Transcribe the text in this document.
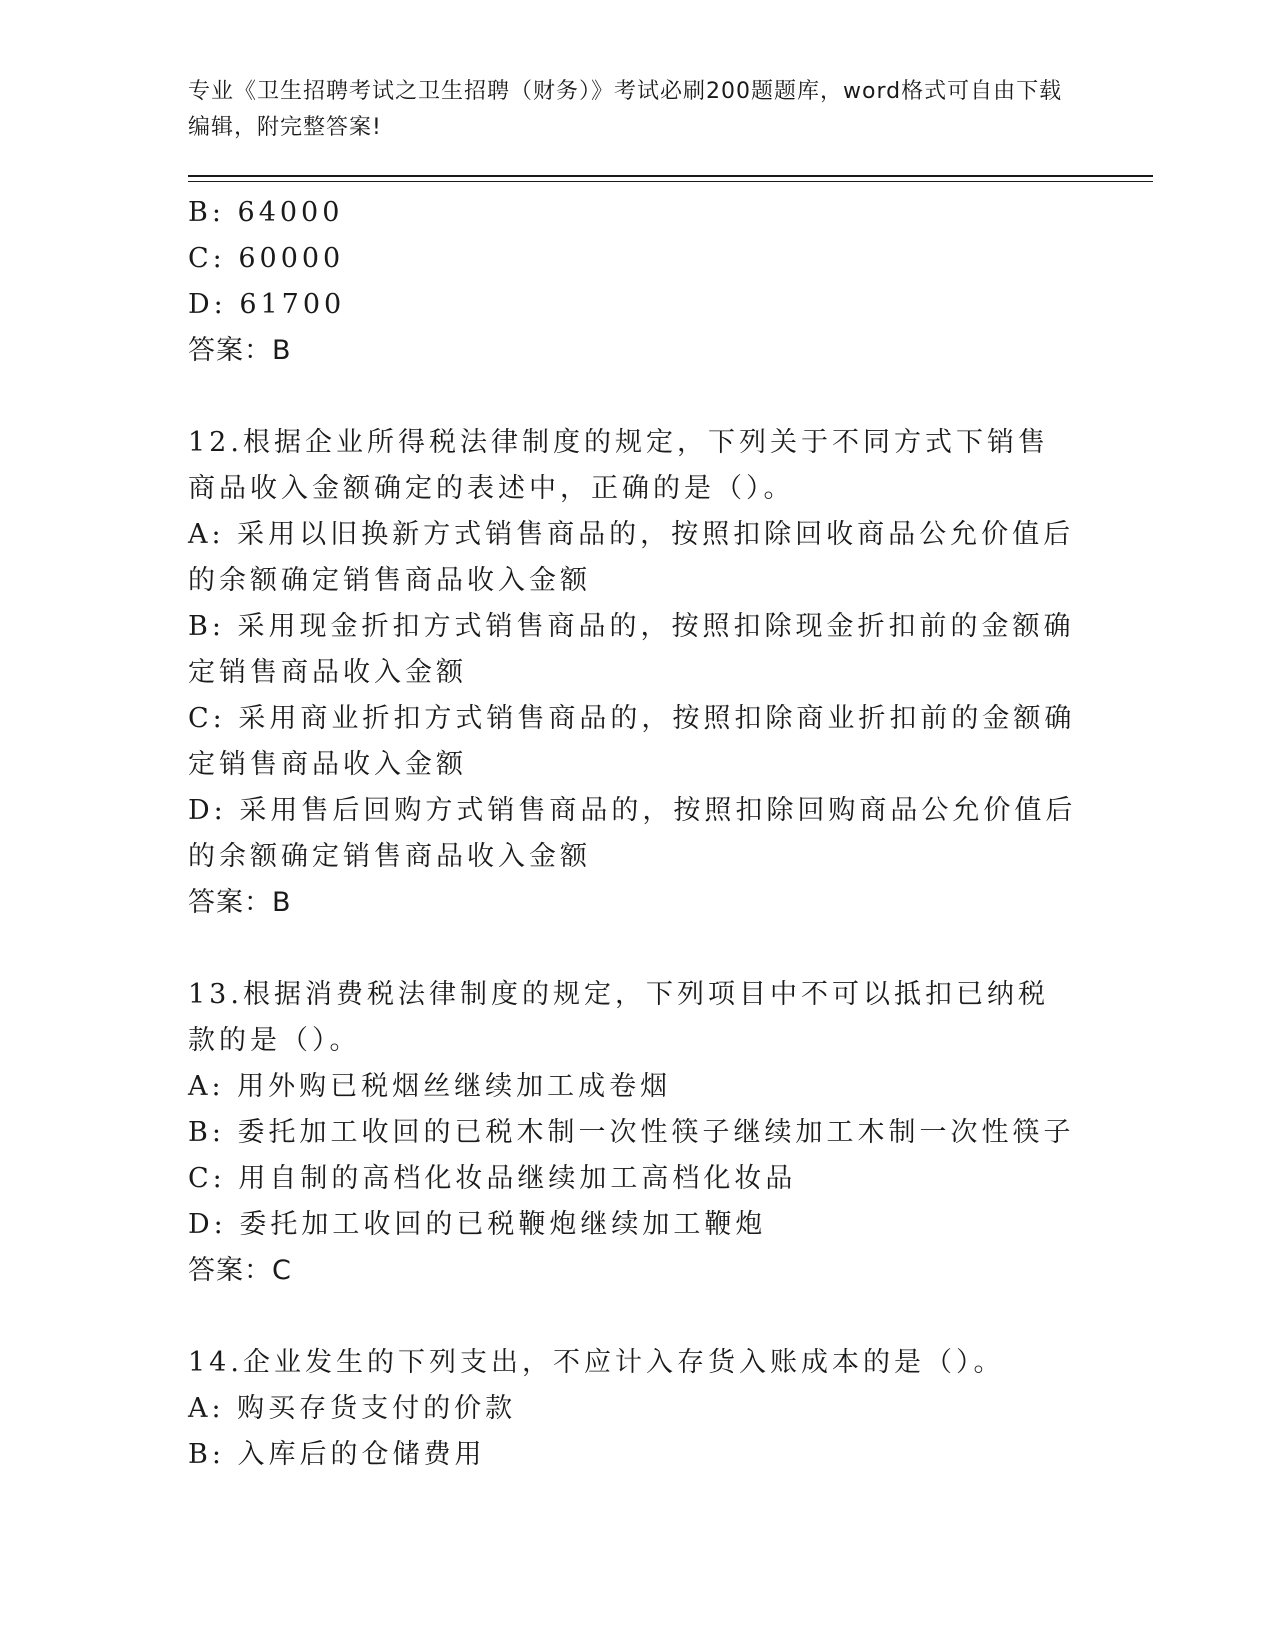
专业《卫生招聘考试之卫生招聘（财务）》考试必刷200题题库，word格式可自由下载编辑，附完整答案!
B: 64000
C: 60000
D: 61700
答案：B
12.根据企业所得税法律制度的规定，下列关于不同方式下销售商品收入金额确定的表述中，正确的是（）。
A: 采用以旧换新方式销售商品的，按照扣除回收商品公允价值后的余额确定销售商品收入金额
B: 采用现金折扣方式销售商品的，按照扣除现金折扣前的金额确定销售商品收入金额
C: 采用商业折扣方式销售商品的，按照扣除商业折扣前的金额确定销售商品收入金额
D: 采用售后回购方式销售商品的，按照扣除回购商品公允价值后的余额确定销售商品收入金额
答案：B
13.根据消费税法律制度的规定，下列项目中不可以抵扣已纳税款的是（）。
A: 用外购已税烟丝继续加工成卷烟
B: 委托加工收回的已税木制一次性筷子继续加工木制一次性筷子
C: 用自制的高档化妆品继续加工高档化妆品
D: 委托加工收回的已税鞭炮继续加工鞭炮
答案：C
14.企业发生的下列支出，不应计入存货入账成本的是（）。
A: 购买存货支付的价款
B: 入库后的仓储费用
